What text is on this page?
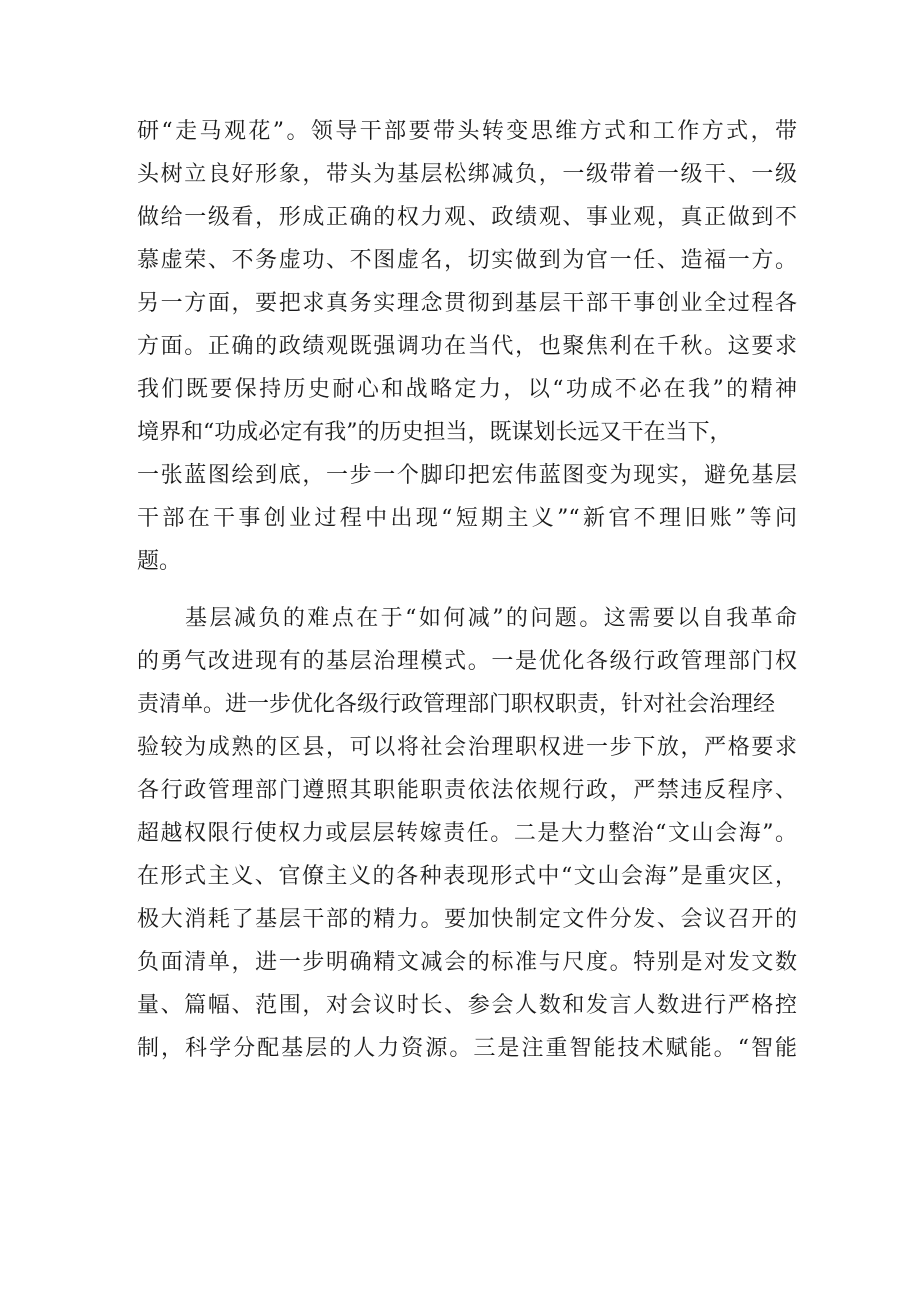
研“走马观花”。领导干部要带头转变思维方式和工作方式，带
头树立良好形象，带头为基层松绑减负，一级带着一级干、一级
做给一级看，形成正确的权力观、政绩观、事业观，真正做到不
慕虚荣、不务虚功、不图虚名，切实做到为官一任、造福一方。
另一方面，要把求真务实理念贯彻到基层干部干事创业全过程各
方面。正确的政绩观既强调功在当代，也聚焦利在千秋。这要求
我们既要保持历史耐心和战略定力，以“功成不必在我”的精神
境界和“功成必定有我”的历史担当，既谋划长远又干在当下，
一张蓝图绘到底，一步一个脚印把宏伟蓝图变为现实，避免基层
干部在干事创业过程中出现“短期主义”“新官不理旧账”等问
题。
基层减负的难点在于“如何减”的问题。这需要以自我革命
的勇气改进现有的基层治理模式。一是优化各级行政管理部门权
责清单。进一步优化各级行政管理部门职权职责，针对社会治理经
验较为成熟的区县，可以将社会治理职权进一步下放，严格要求
各行政管理部门遵照其职能职责依法依规行政，严禁违反程序、
超越权限行使权力或层层转嫁责任。二是大力整治“文山会海”。
在形式主义、官僚主义的各种表现形式中“文山会海”是重灾区，
极大消耗了基层干部的精力。要加快制定文件分发、会议召开的
负面清单，进一步明确精文减会的标准与尺度。特别是对发文数
量、篇幅、范围，对会议时长、参会人数和发言人数进行严格控
制，科学分配基层的人力资源。三是注重智能技术赋能。“智能
